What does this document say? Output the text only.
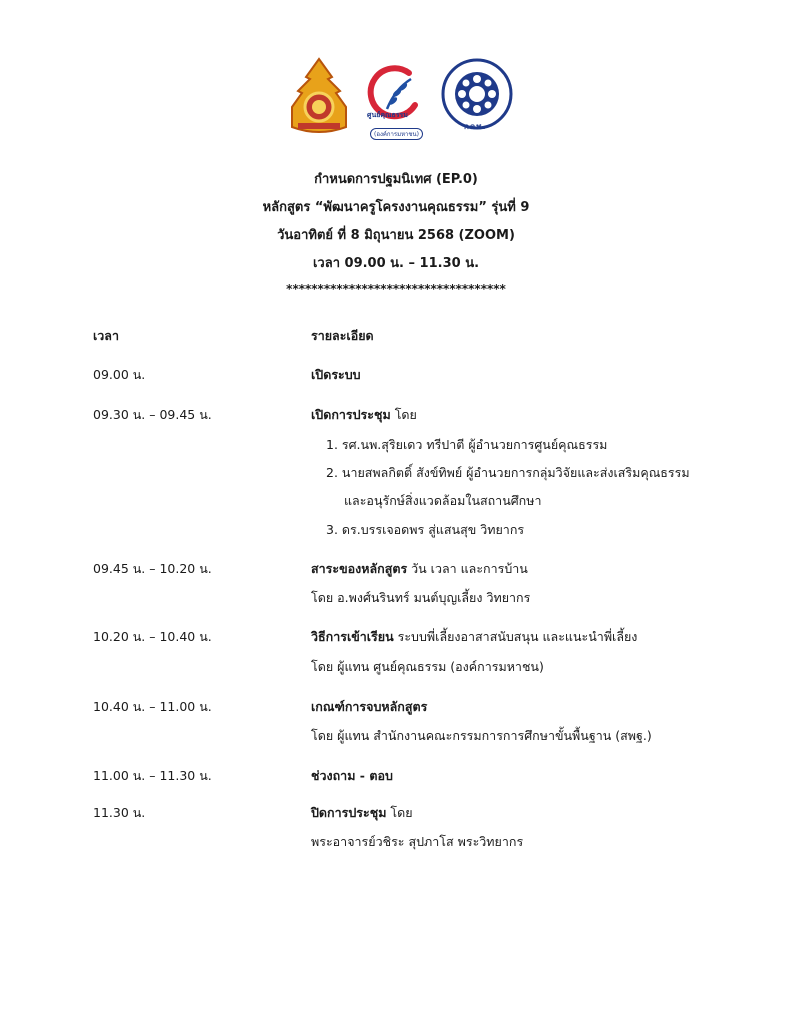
ศูนย์คุณธรรม
(องค์การมหาชน)
กคพ.
กำหนดการปฐมนิเทศ (EP.0)
หลักสูตร “พัฒนาครูโครงงานคุณธรรม” รุ่นที่ 9
วันอาทิตย์ ที่ 8 มิถุนายน 2568 (ZOOM)
เวลา 09.00 น. – 11.30 น.
***********************************
เวลา	รายละเอียด
09.00 น.	เปิดระบบ
09.30 น. – 09.45 น.	เปิดการประชุม โดย
1. รศ.นพ.สุริยเดว ทรีปาตี ผู้อำนวยการศูนย์คุณธรรม
2. นายสพลกิตติ์ สังข์ทิพย์ ผู้อำนวยการกลุ่มวิจัยและส่งเสริมคุณธรรม
และอนุรักษ์สิ่งแวดล้อมในสถานศึกษา
3. ดร.บรรเจอดพร สู่แสนสุข วิทยากร
09.45 น. – 10.20 น.	สาระของหลักสูตร วัน เวลา และการบ้าน
โดย อ.พงศ์นรินทร์ มนต์บุญเลี้ยง วิทยากร
10.20 น. – 10.40 น.	วิธีการเข้าเรียน ระบบพี่เลี้ยงอาสาสนับสนุน และแนะนำพี่เลี้ยง
โดย ผู้แทน ศูนย์คุณธรรม (องค์การมหาชน)
10.40 น. – 11.00 น.	เกณฑ์การจบหลักสูตร
โดย ผู้แทน สำนักงานคณะกรรมการการศึกษาขั้นพื้นฐาน (สพฐ.)
11.00 น. – 11.30 น.	ช่วงถาม - ตอบ
11.30 น.	ปิดการประชุม โดย
พระอาจารย์วชิระ สุปภาโส พระวิทยากร
